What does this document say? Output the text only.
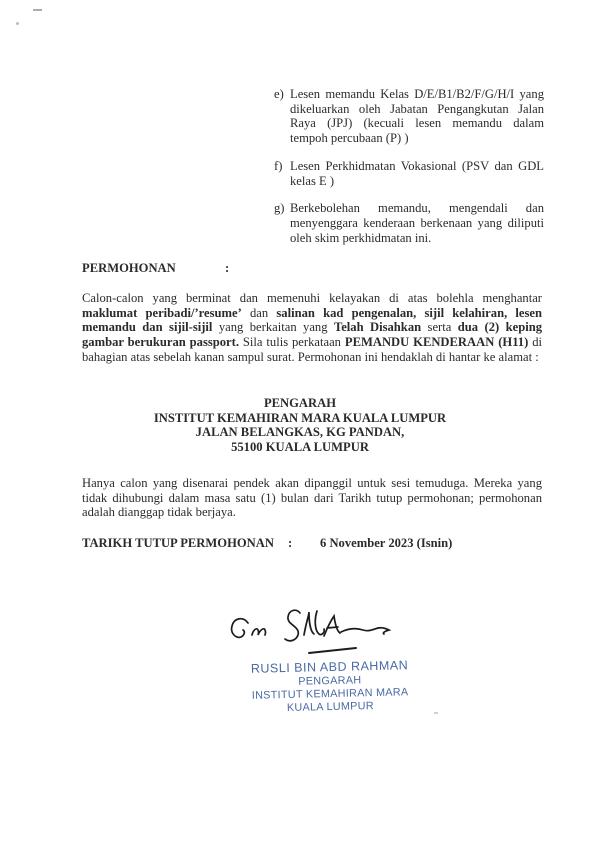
e) Lesen memandu Kelas D/E/B1/B2/F/G/H/I yang dikeluarkan oleh Jabatan Pengangkutan Jalan Raya (JPJ) (kecuali lesen memandu dalam tempoh percubaan (P) )
f) Lesen Perkhidmatan Vokasional (PSV dan GDL kelas E )
g) Berkebolehan memandu, mengendali dan menyenggara kenderaan berkenaan yang diliputi oleh skim perkhidmatan ini.
PERMOHONAN	:

Calon-calon yang berminat dan memenuhi kelayakan di atas bolehla menghantar maklumat peribadi/’resume’ dan salinan kad pengenalan, sijil kelahiran, lesen memandu dan sijil-sijil yang berkaitan yang Telah Disahkan serta dua (2) keping gambar berukuran passport. Sila tulis perkataan PEMANDU KENDERAAN (H11) di bahagian atas sebelah kanan sampul surat. Permohonan ini hendaklah di hantar ke alamat :

PENGARAH
INSTITUT KEMAHIRAN MARA KUALA LUMPUR
JALAN BELANGKAS, KG PANDAN,
55100 KUALA LUMPUR

Hanya calon yang disenarai pendek akan dipanggil untuk sesi temuduga. Mereka yang tidak dihubungi dalam masa satu (1) bulan dari Tarikh tutup permohonan; permohonan adalah dianggap tidak berjaya.

TARIKH TUTUP PERMOHONAN : 6 November 2023 (Isnin)
RUSLI BIN ABD RAHMAN
PENGARAH
INSTITUT KEMAHIRAN MARA
KUALA LUMPUR
